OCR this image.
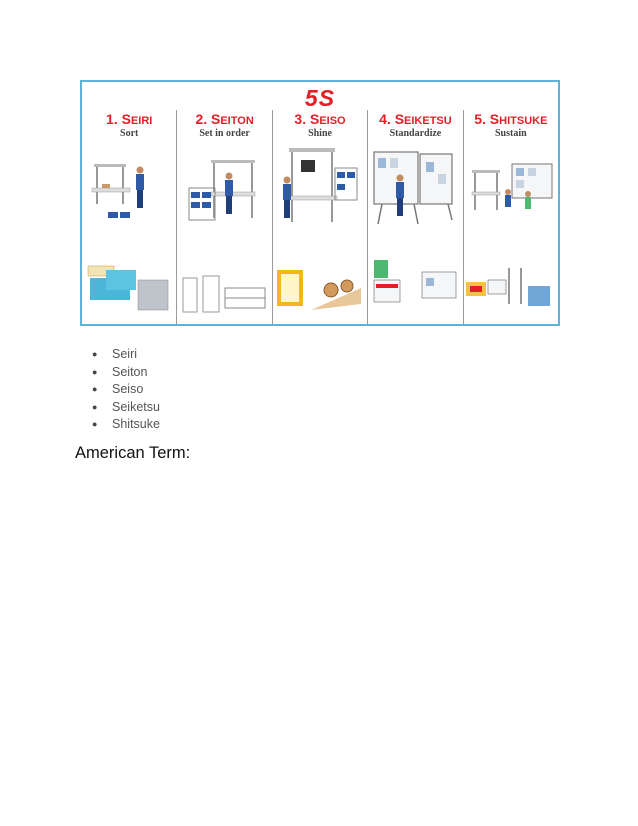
5S
1. SEIRI
Sort
2. SEITON
Set in order
3. SEISO
Shine
4. SEIKETSU
Standardize
5. SHITSUKE
Sustain
● Seiri
● Seiton
● Seiso
● Seiketsu
● Shitsuke
American Term:
